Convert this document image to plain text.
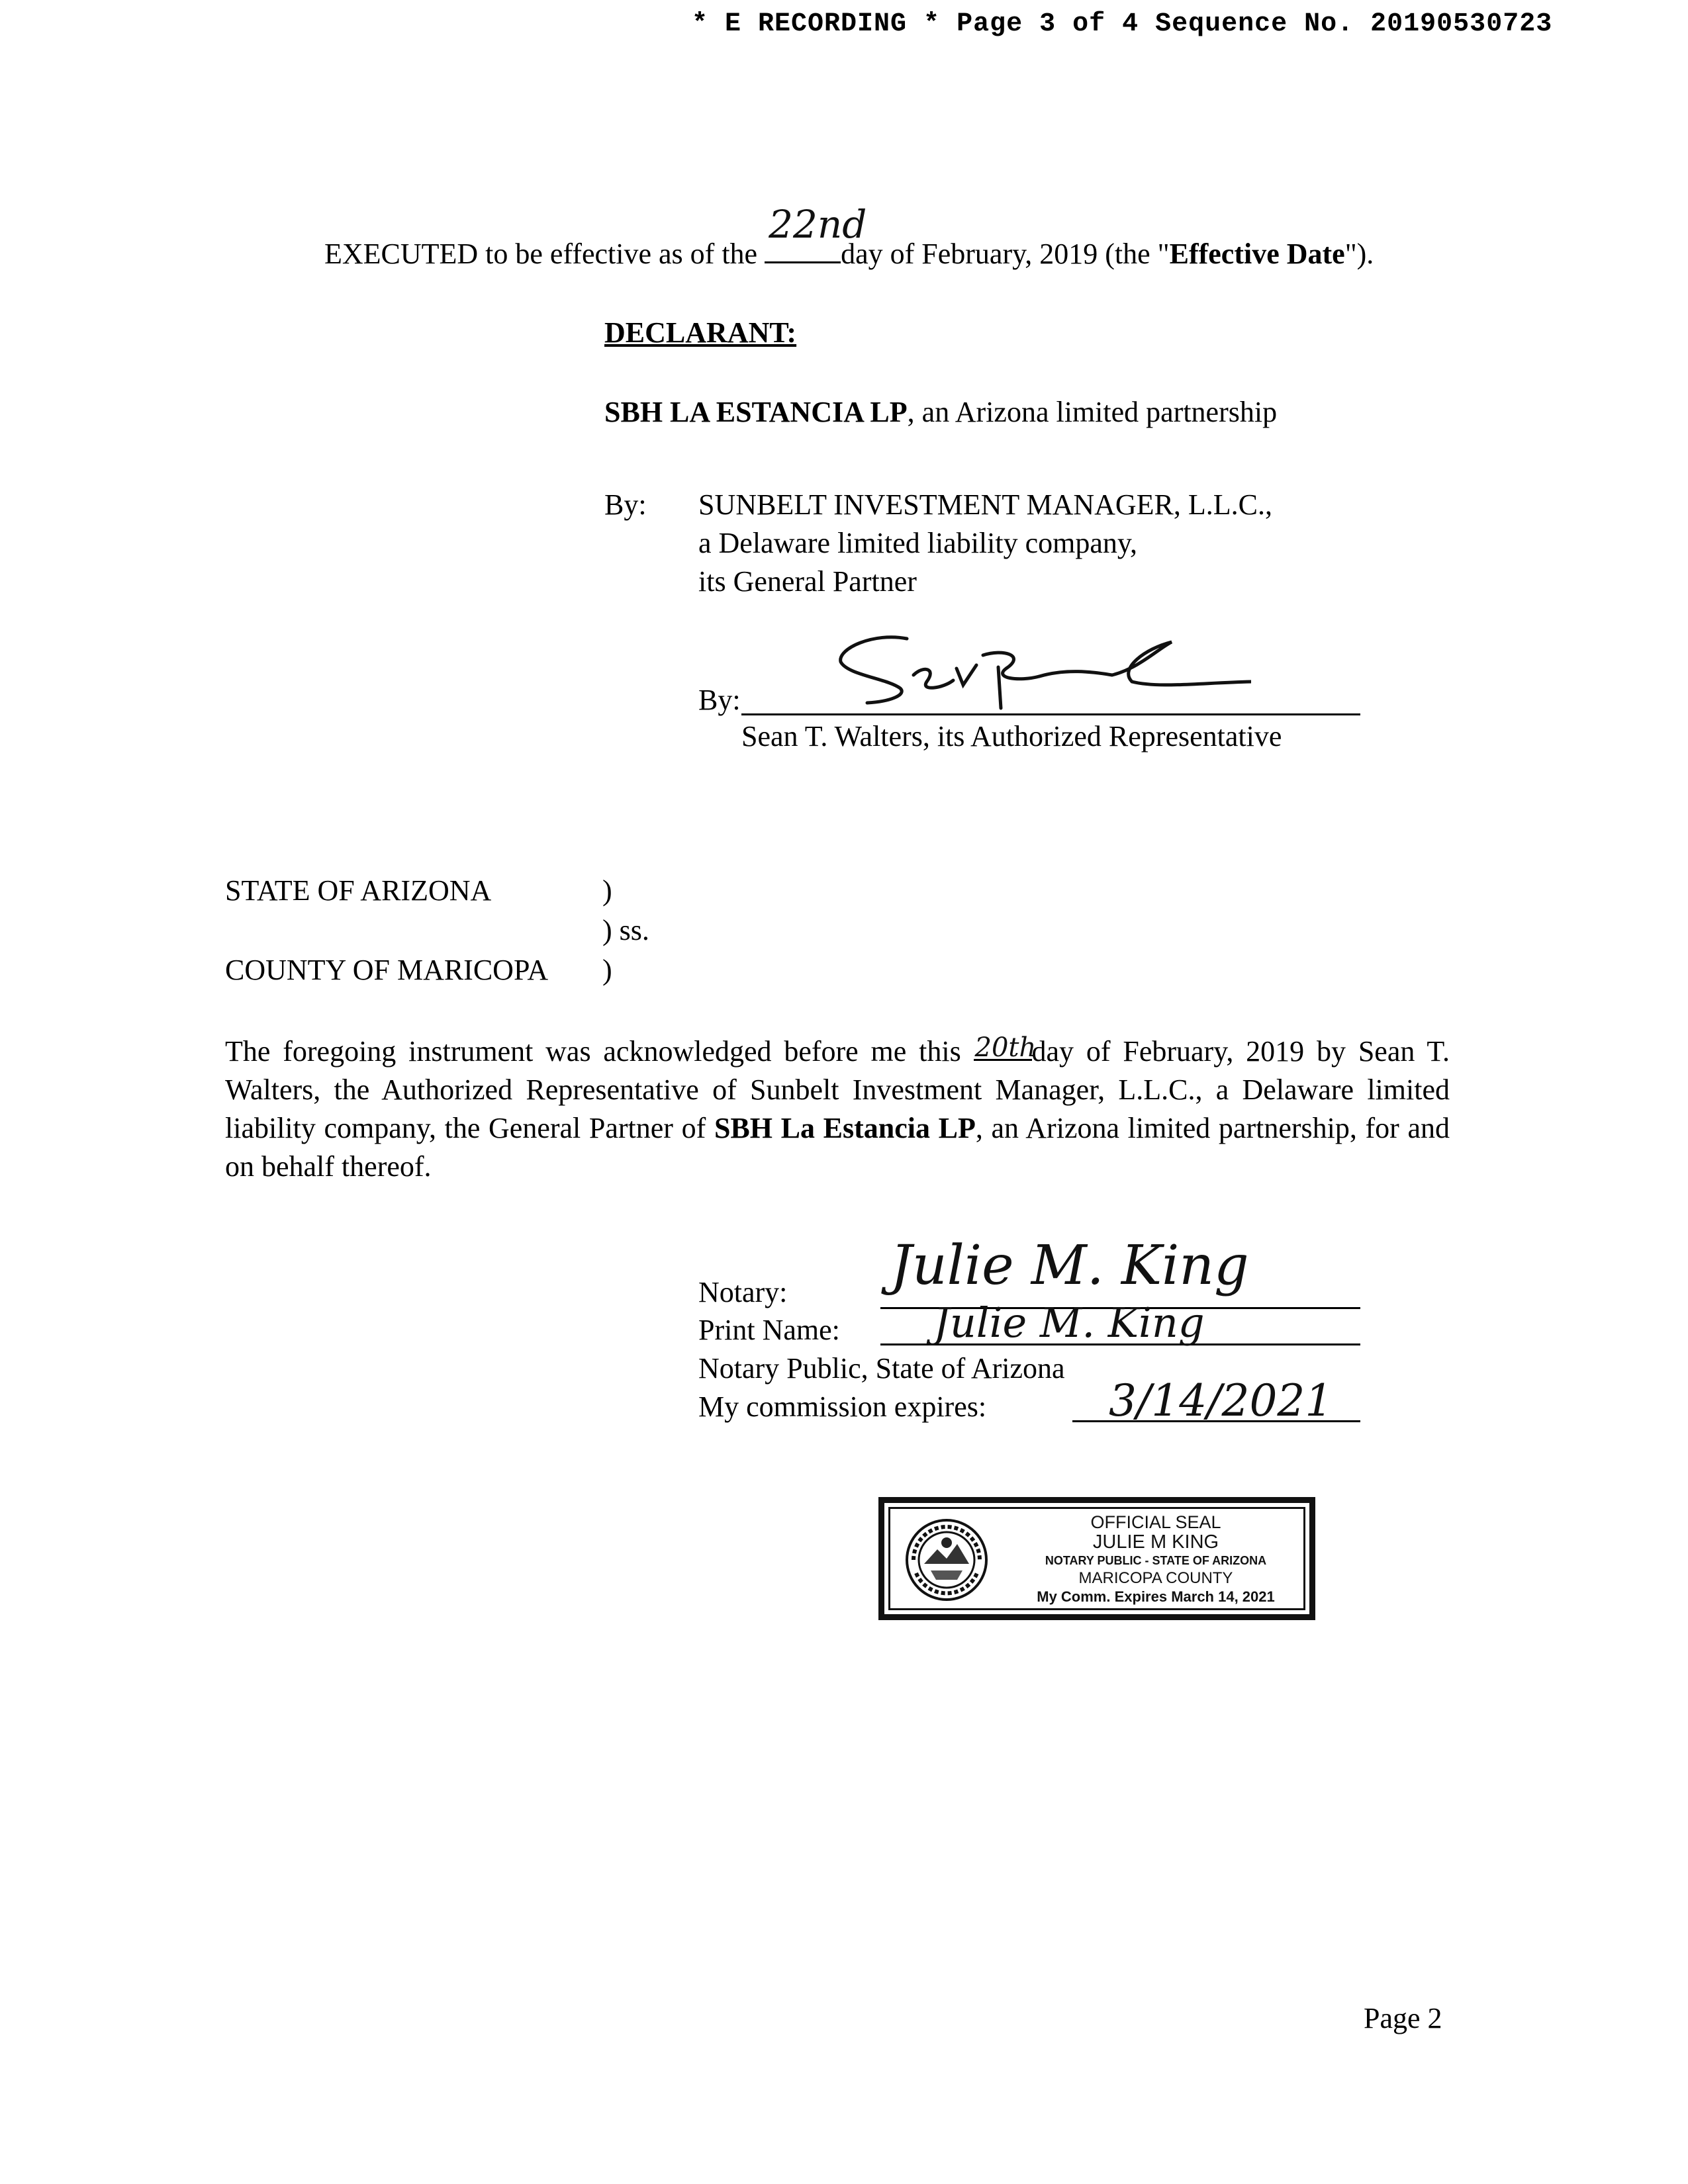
* E RECORDING * Page 3 of 4 Sequence No. 20190530723
EXECUTED to be effective as of the
22nd
day of February, 2019 (the "Effective Date").
DECLARANT:
SBH LA ESTANCIA LP, an Arizona limited partnership
By: SUNBELT INVESTMENT MANAGER, L.L.C.,
a Delaware limited liability company,
its General Partner
By:
Sean T. Walters, its Authorized Representative
STATE OF ARIZONA	)
) ss.
COUNTY OF MARICOPA )
The foregoing instrument was acknowledged before me this 20th
day of February, 2019 by Sean T. Walters, the Authorized Representative of Sunbelt Investment Manager, L.L.C., a Delaware limited liability company, the General Partner of SBH La Estancia LP, an Arizona limited partnership, for and on behalf thereof.
Notary: Julie M. King
Print Name: Julie M. King
Notary Public, State of Arizona
My commission expires:	3/14/2021
OFFICIAL SEAL
JULIE M KING
NOTARY PUBLIC - STATE OF ARIZONA
MARICOPA COUNTY
My Comm. Expires March 14, 2021
Page 2
